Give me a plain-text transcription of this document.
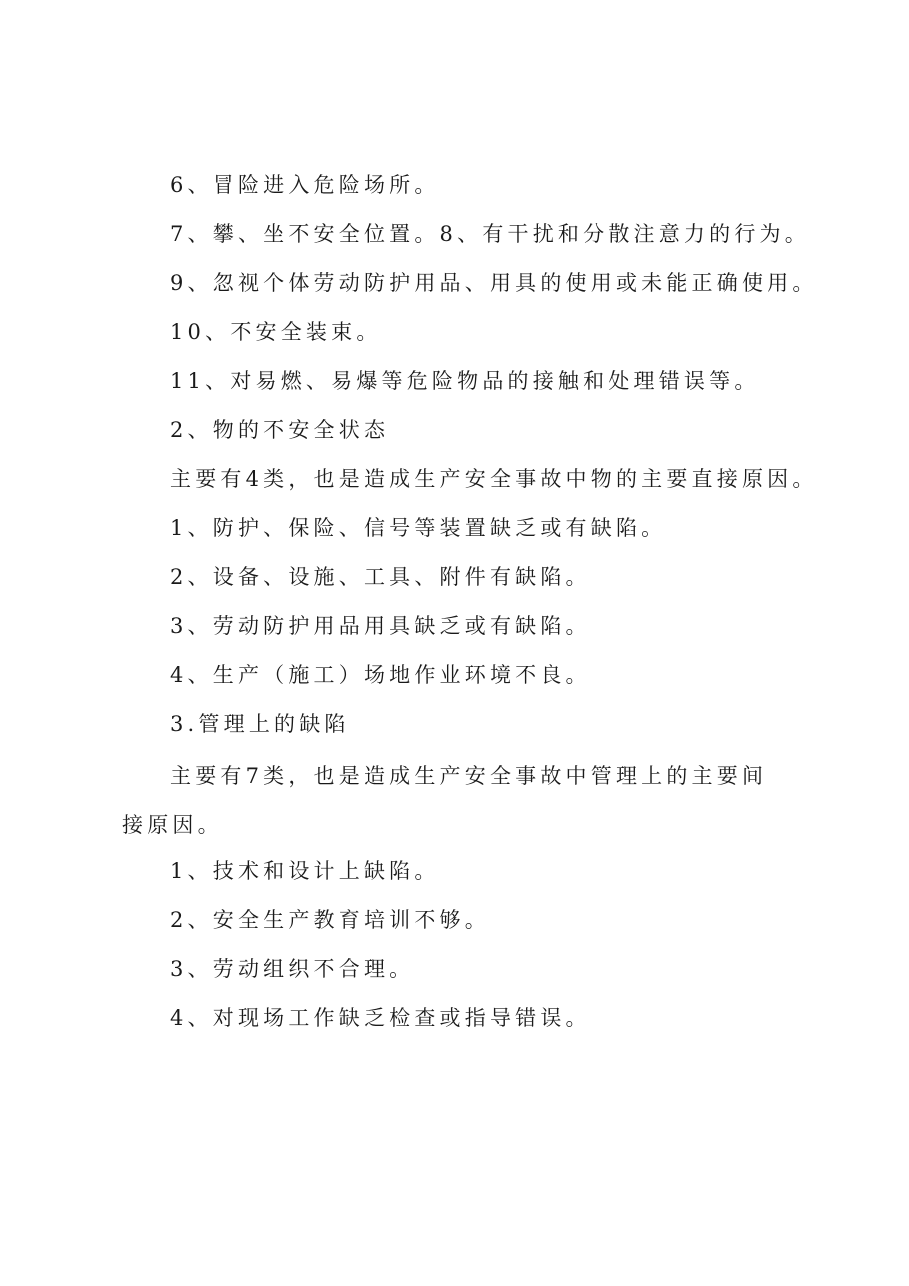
6、冒险进入危险场所。
7、攀、坐不安全位置。8、有干扰和分散注意力的行为。
9、忽视个体劳动防护用品、用具的使用或未能正确使用。
10、不安全装束。
11、对易燃、易爆等危险物品的接触和处理错误等。
2、物的不安全状态
主要有4类，也是造成生产安全事故中物的主要直接原因。
1、防护、保险、信号等装置缺乏或有缺陷。
2、设备、设施、工具、附件有缺陷。
3、劳动防护用品用具缺乏或有缺陷。
4、生产（施工）场地作业环境不良。
3.管理上的缺陷
主要有7类，也是造成生产安全事故中管理上的主要间接原因。
1、技术和设计上缺陷。
2、安全生产教育培训不够。
3、劳动组织不合理。
4、对现场工作缺乏检查或指导错误。
